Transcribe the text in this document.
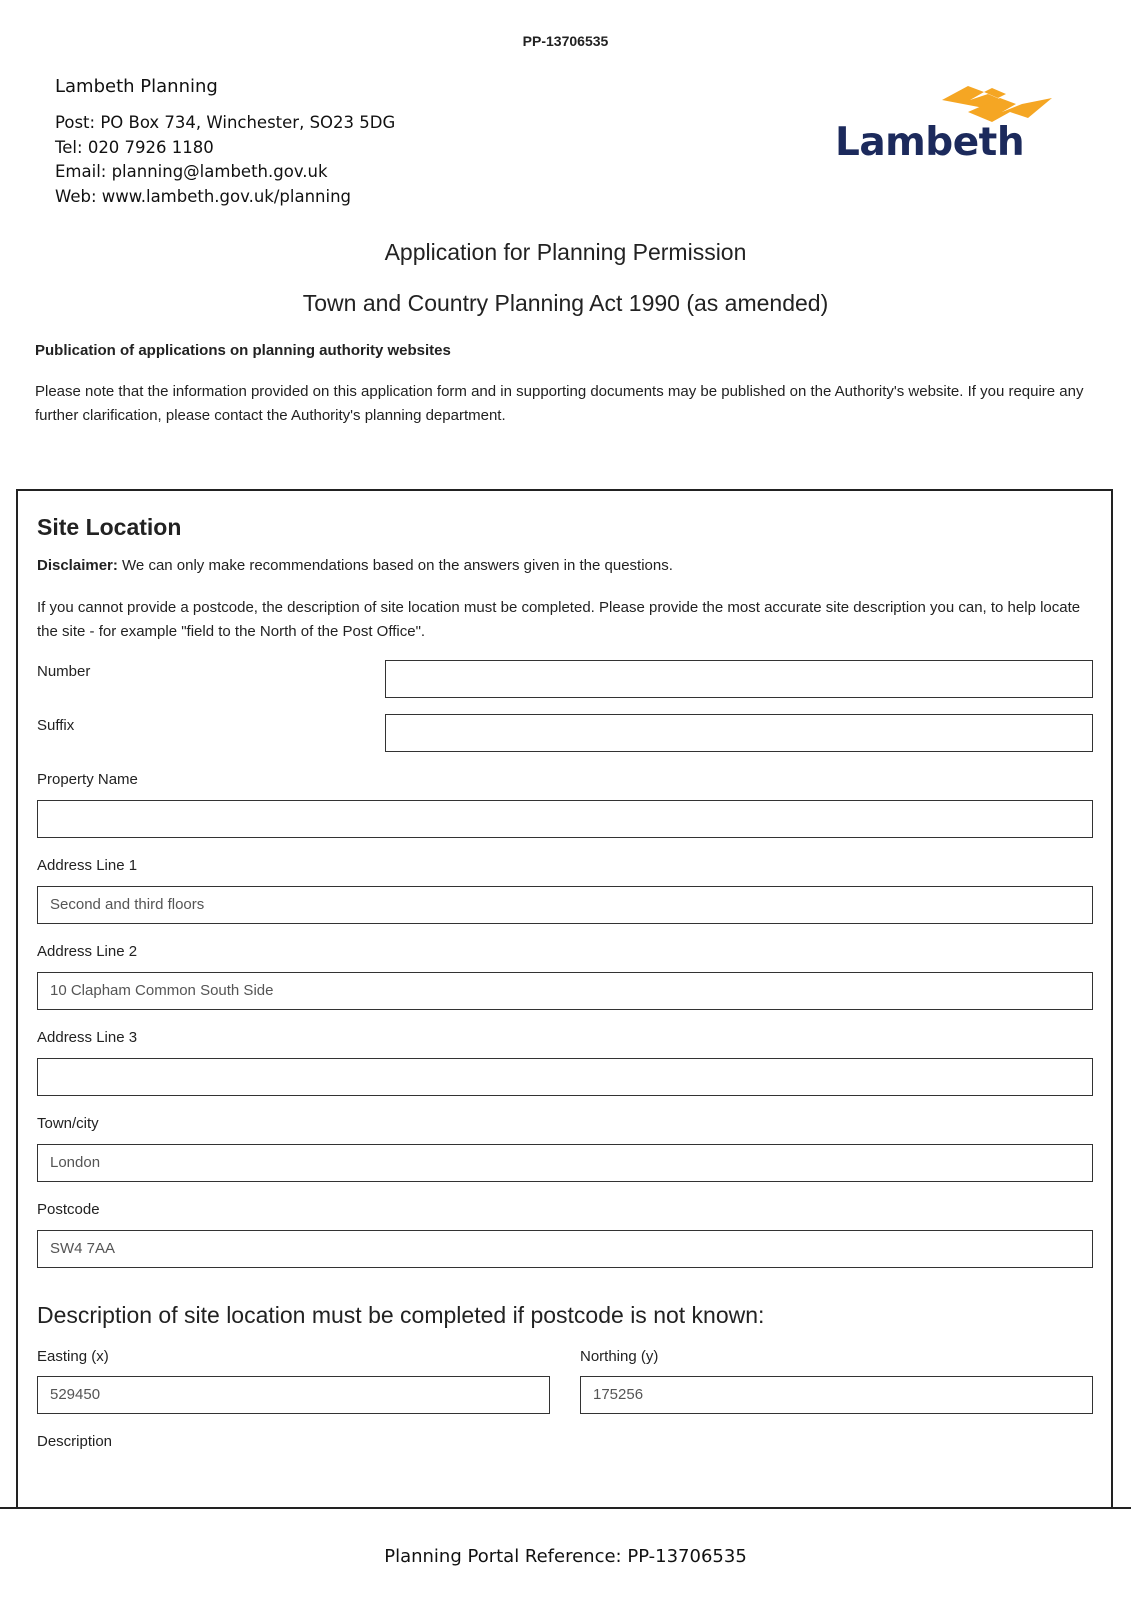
PP-13706535
Lambeth Planning
Post: PO Box 734, Winchester, SO23 5DG
Tel: 020 7926 1180
Email: planning@lambeth.gov.uk
Web: www.lambeth.gov.uk/planning
Lambeth
Application for Planning Permission
Town and Country Planning Act 1990 (as amended)
Publication of applications on planning authority websites
Please note that the information provided on this application form and in supporting documents may be published on the Authority's website. If you require any further clarification, please contact the Authority's planning department.
Site Location
Disclaimer: We can only make recommendations based on the answers given in the questions.
If you cannot provide a postcode, the description of site location must be completed. Please provide the most accurate site description you can, to help locate the site - for example "field to the North of the Post Office".
Number
Suffix
Property Name
Address Line 1
Second and third floors
Address Line 2
10 Clapham Common South Side
Address Line 3
Town/city
London
Postcode
SW4 7AA
Description of site location must be completed if postcode is not known:
Easting (x)
529450
Northing (y)
175256
Description
Planning Portal Reference: PP-13706535
